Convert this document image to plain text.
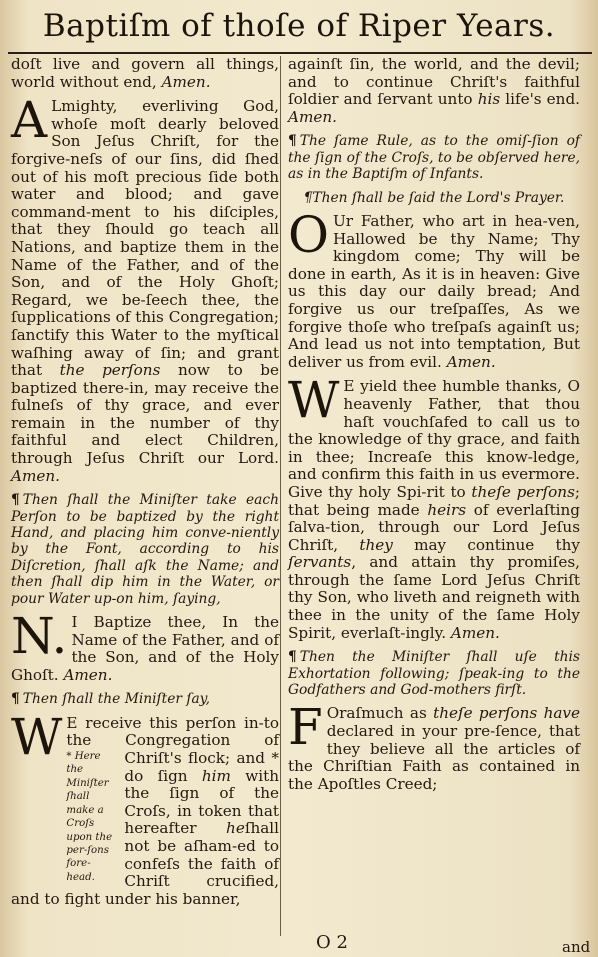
Baptiſm of thoſe of Riper Years.

doſt live and govern all things, world without end, Amen.

A Lmighty, everliving God, whoſe moſt dearly beloved Son Jeſus Chriſt, for the forgive-neſs of our ſins, did ſhed out of his moſt precious ſide both water and blood; and gave command-ment to his diſciples, that they ſhould go teach all Nations, and baptize them in the Name of the Father, and of the Son, and of the Holy Ghoſt; Regard, we be-ſeech thee, the ſupplications of this Congregation; ſanctify this Water to the myſtical waſhing away of ſin; and grant that the perſons now to be baptized there-in, may receive the fulneſs of thy grace, and ever remain in the number of thy faithful and elect Children, through Jeſus Chriſt our Lord. Amen.

¶ Then ſhall the Miniſter take each Perſon to be baptized by the right Hand, and placing him conve-niently by the Font, according to his Diſcretion, ſhall aſk the Name; and then ſhall dip him in the Water, or pour Water up-on him, ſaying,

N. I Baptize thee, In the Name of the Father, and of the Son, and of the Holy Ghoſt. Amen.

¶ Then ſhall the Miniſter ſay,

W E receive this perſon in-to the Congregation of Chriſt's flock; and *
* Here the Miniſter ſhall make a Croſs upon the per-ſons fore-head.
do ſign him with the ſign of the Croſs, in token that hereafter heſhall not be aſham-ed to confeſs the faith of Chriſt crucified, and to fight under his banner,

againſt ſin, the world, and the devil; and to continue Chriſt's faithful ſoldier and ſervant unto his life's end. Amen.

¶ The ſame Rule, as to the omiſ-ſion of the ſign of the Croſs, to be obſerved here, as in the Baptiſm of Infants.

¶Then ſhall be ſaid the Lord's Prayer.

O Ur Father, who art in hea-ven, Hallowed be thy Name; Thy kingdom come; Thy will be done in earth, As it is in heaven: Give us this day our daily bread; And forgive us our treſpaſſes, As we forgive thoſe who treſpaſs againſt us; And lead us not into temptation, But deliver us from evil. Amen.

W E yield thee humble thanks, O heavenly Father, that thou haſt vouchſafed to call us to the knowledge of thy grace, and faith in thee; Increaſe this know-ledge, and confirm this faith in us evermore. Give thy holy Spi-rit to theſe perſons; that being made heirs of everlaſting ſalva-tion, through our Lord Jeſus Chriſt, they may continue thy ſervants, and attain thy promiſes, through the ſame Lord Jeſus Chriſt thy Son, who liveth and reigneth with thee in the unity of the ſame Holy Spirit, everlaſt-ingly. Amen.

¶ Then the Miniſter ſhall uſe this Exhortation following; ſpeak-ing to the Godfathers and God-mothers firſt.

F Oraſmuch as theſe perſons have declared in your pre-ſence, that they believe all the articles of the Chriſtian Faith as contained in the Apoſtles Creed;

O 2	and
